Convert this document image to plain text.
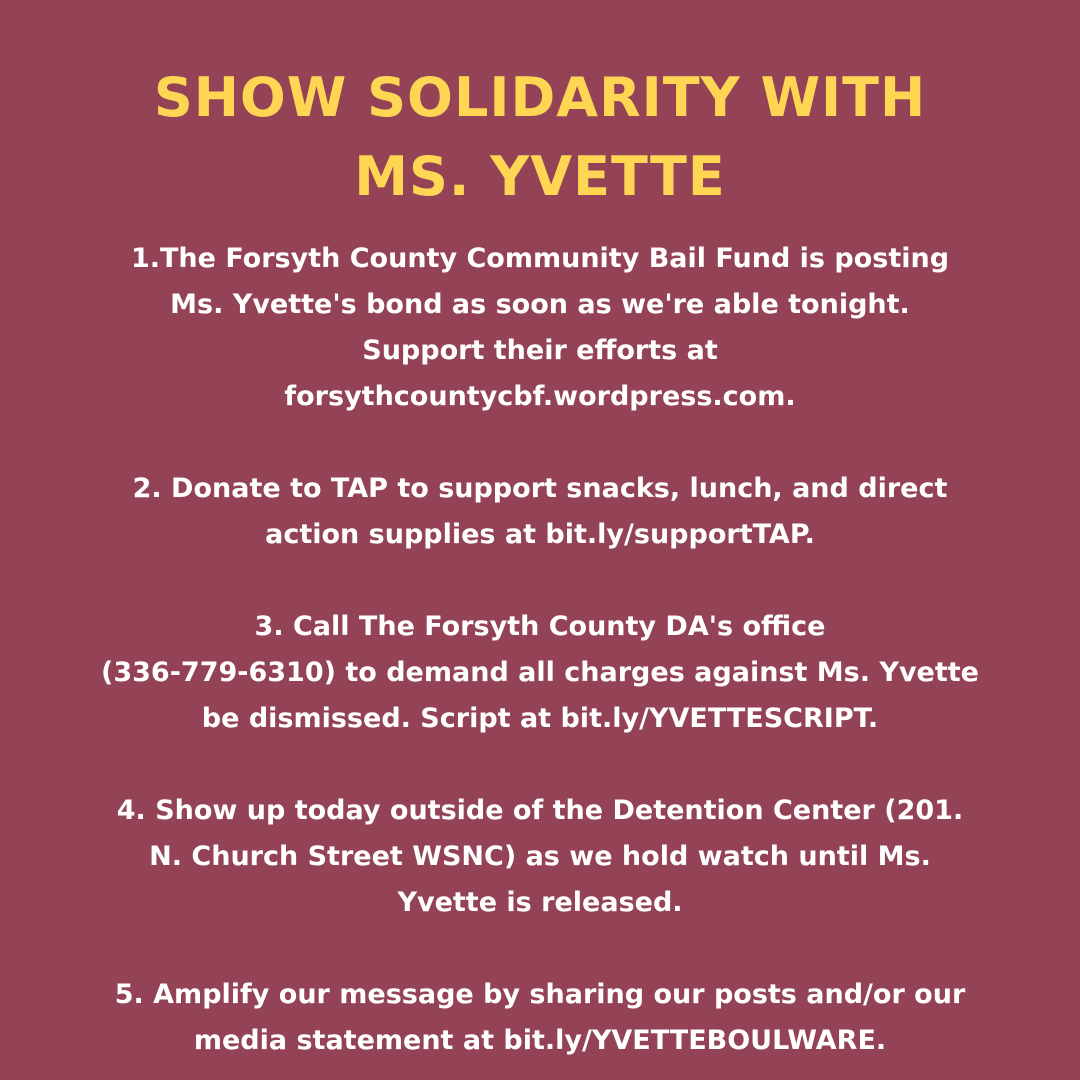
SHOW SOLIDARITY WITH
MS. YVETTE
1.The Forsyth County Community Bail Fund is posting
Ms. Yvette's bond as soon as we're able tonight.
Support their efforts at
forsythcountycbf.wordpress.com.
2. Donate to TAP to support snacks, lunch, and direct
action supplies at bit.ly/supportTAP.
3. Call The Forsyth County DA's office
(336-779-6310) to demand all charges against Ms. Yvette
be dismissed. Script at bit.ly/YVETTESCRIPT.
4. Show up today outside of the Detention Center (201.
N. Church Street WSNC) as we hold watch until Ms.
Yvette is released.
5. Amplify our message by sharing our posts and/or our
media statement at bit.ly/YVETTEBOULWARE.
